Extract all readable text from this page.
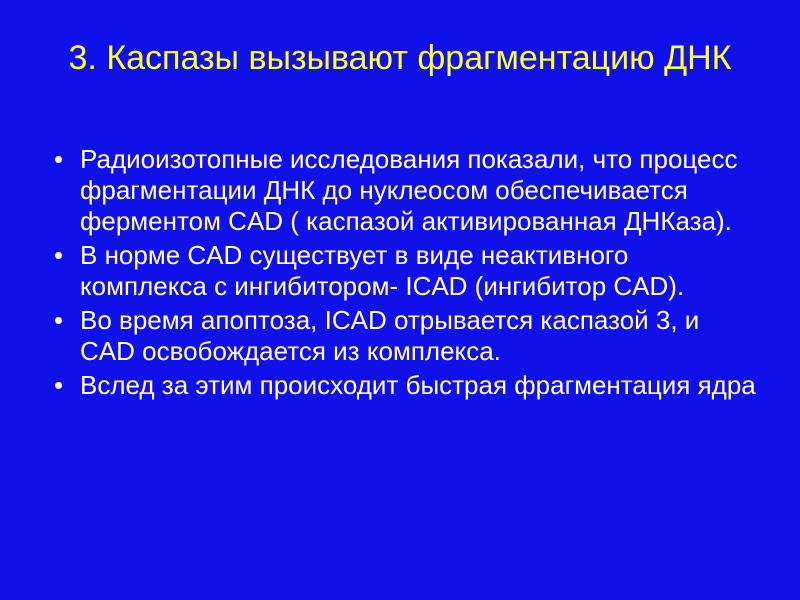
3. Каспазы вызывают фрагментацию ДНК
• Радиоизотопные исследования показали, что процесс фрагментации ДНК до нуклеосом обеспечивается ферментом CAD ( каспазой активированная ДНКаза).
• В норме CAD существует в виде неактивного комплекса с ингибитором- ICAD (ингибитор CAD).
• Во время апоптоза, ICAD отрывается каспазой 3, и CAD освобождается из комплекса.
• Вслед за этим происходит быстрая фрагментация ядра
